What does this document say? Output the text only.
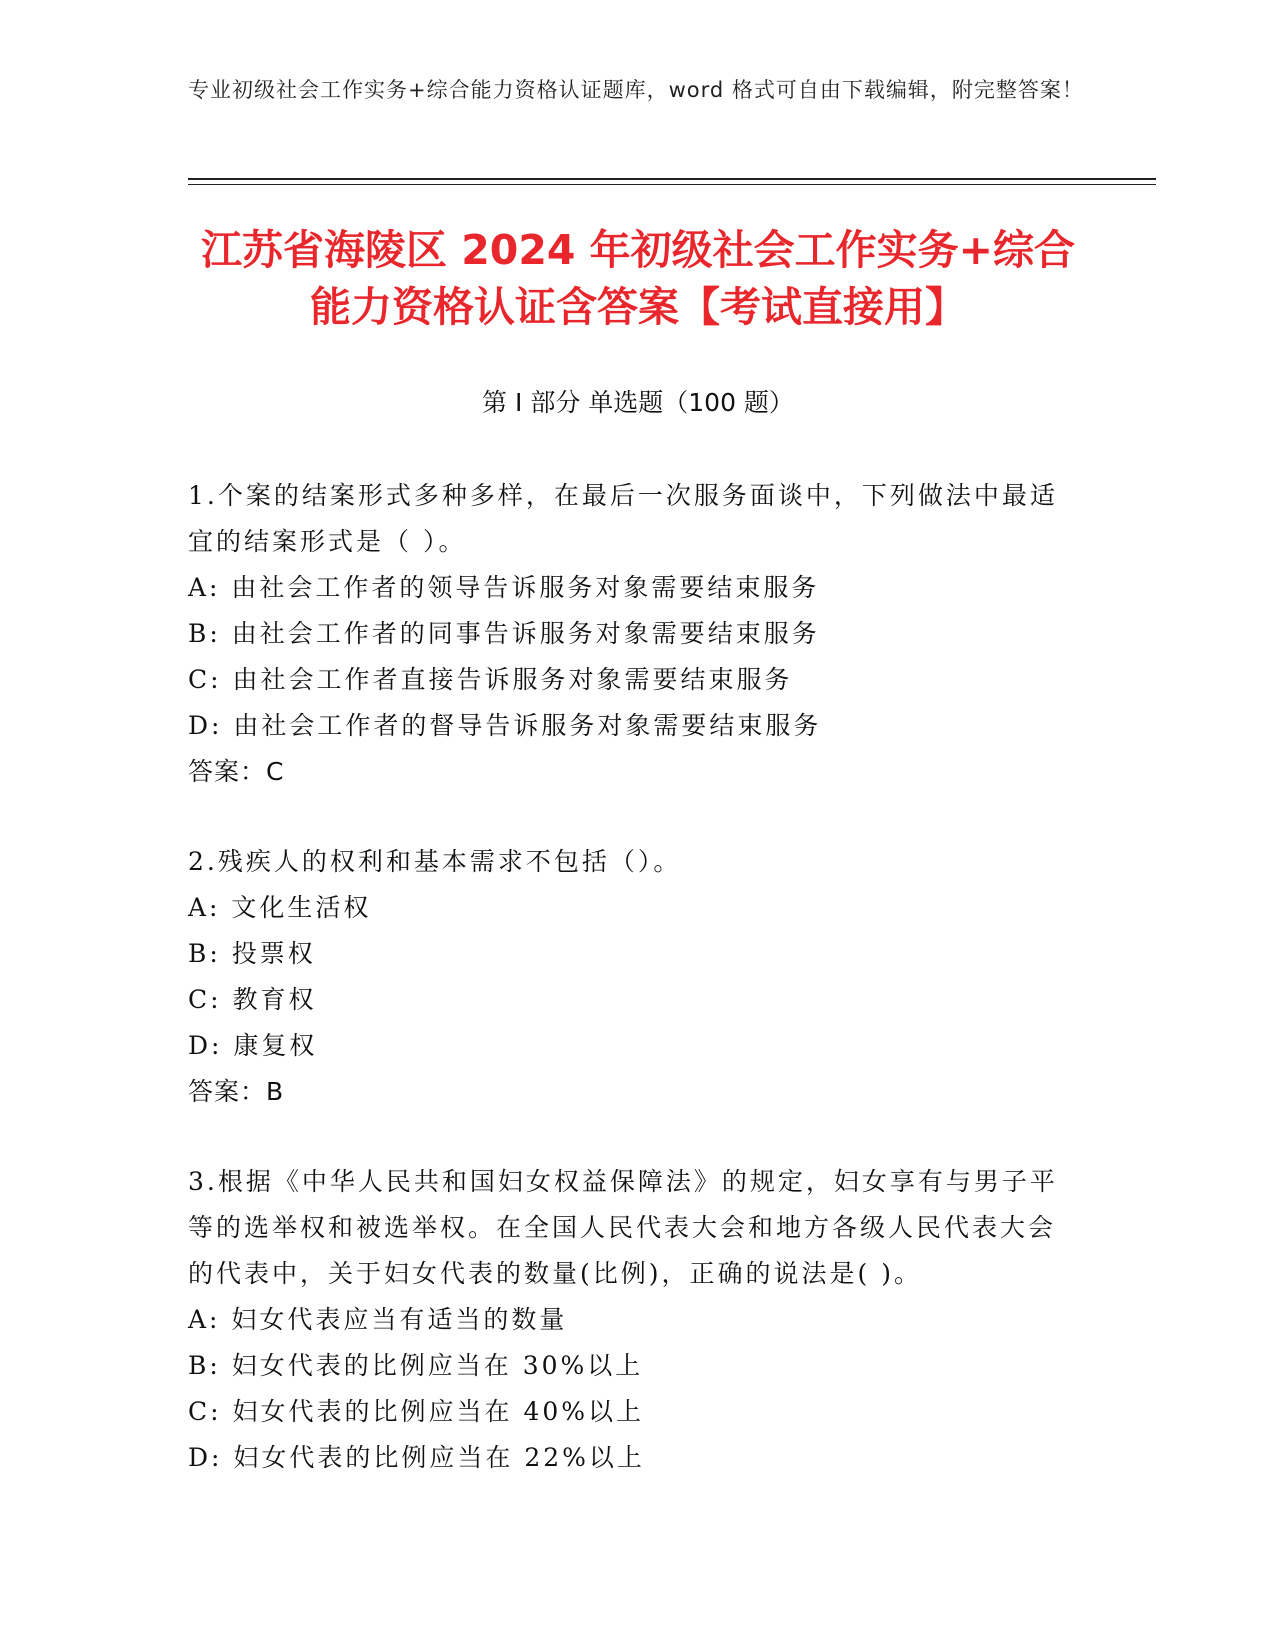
专业初级社会工作实务+综合能力资格认证题库，word 格式可自由下载编辑，附完整答案！
江苏省海陵区 2024 年初级社会工作实务+综合能力资格认证含答案【考试直接用】
第 I 部分 单选题（100 题）

1.个案的结案形式多种多样，在最后一次服务面谈中，下列做法中最适宜的结案形式是（ ）。

A: 由社会工作者的领导告诉服务对象需要结束服务

B: 由社会工作者的同事告诉服务对象需要结束服务

C: 由社会工作者直接告诉服务对象需要结束服务

D: 由社会工作者的督导告诉服务对象需要结束服务

答案：C

2.残疾人的权利和基本需求不包括（）。

A: 文化生活权

B: 投票权

C: 教育权

D: 康复权

答案：B

3.根据《中华人民共和国妇女权益保障法》的规定，妇女享有与男子平等的选举权和被选举权。在全国人民代表大会和地方各级人民代表大会的代表中，关于妇女代表的数量(比例)，正确的说法是( )。

A: 妇女代表应当有适当的数量

B: 妇女代表的比例应当在 30%以上

C: 妇女代表的比例应当在 40%以上

D: 妇女代表的比例应当在 22%以上
